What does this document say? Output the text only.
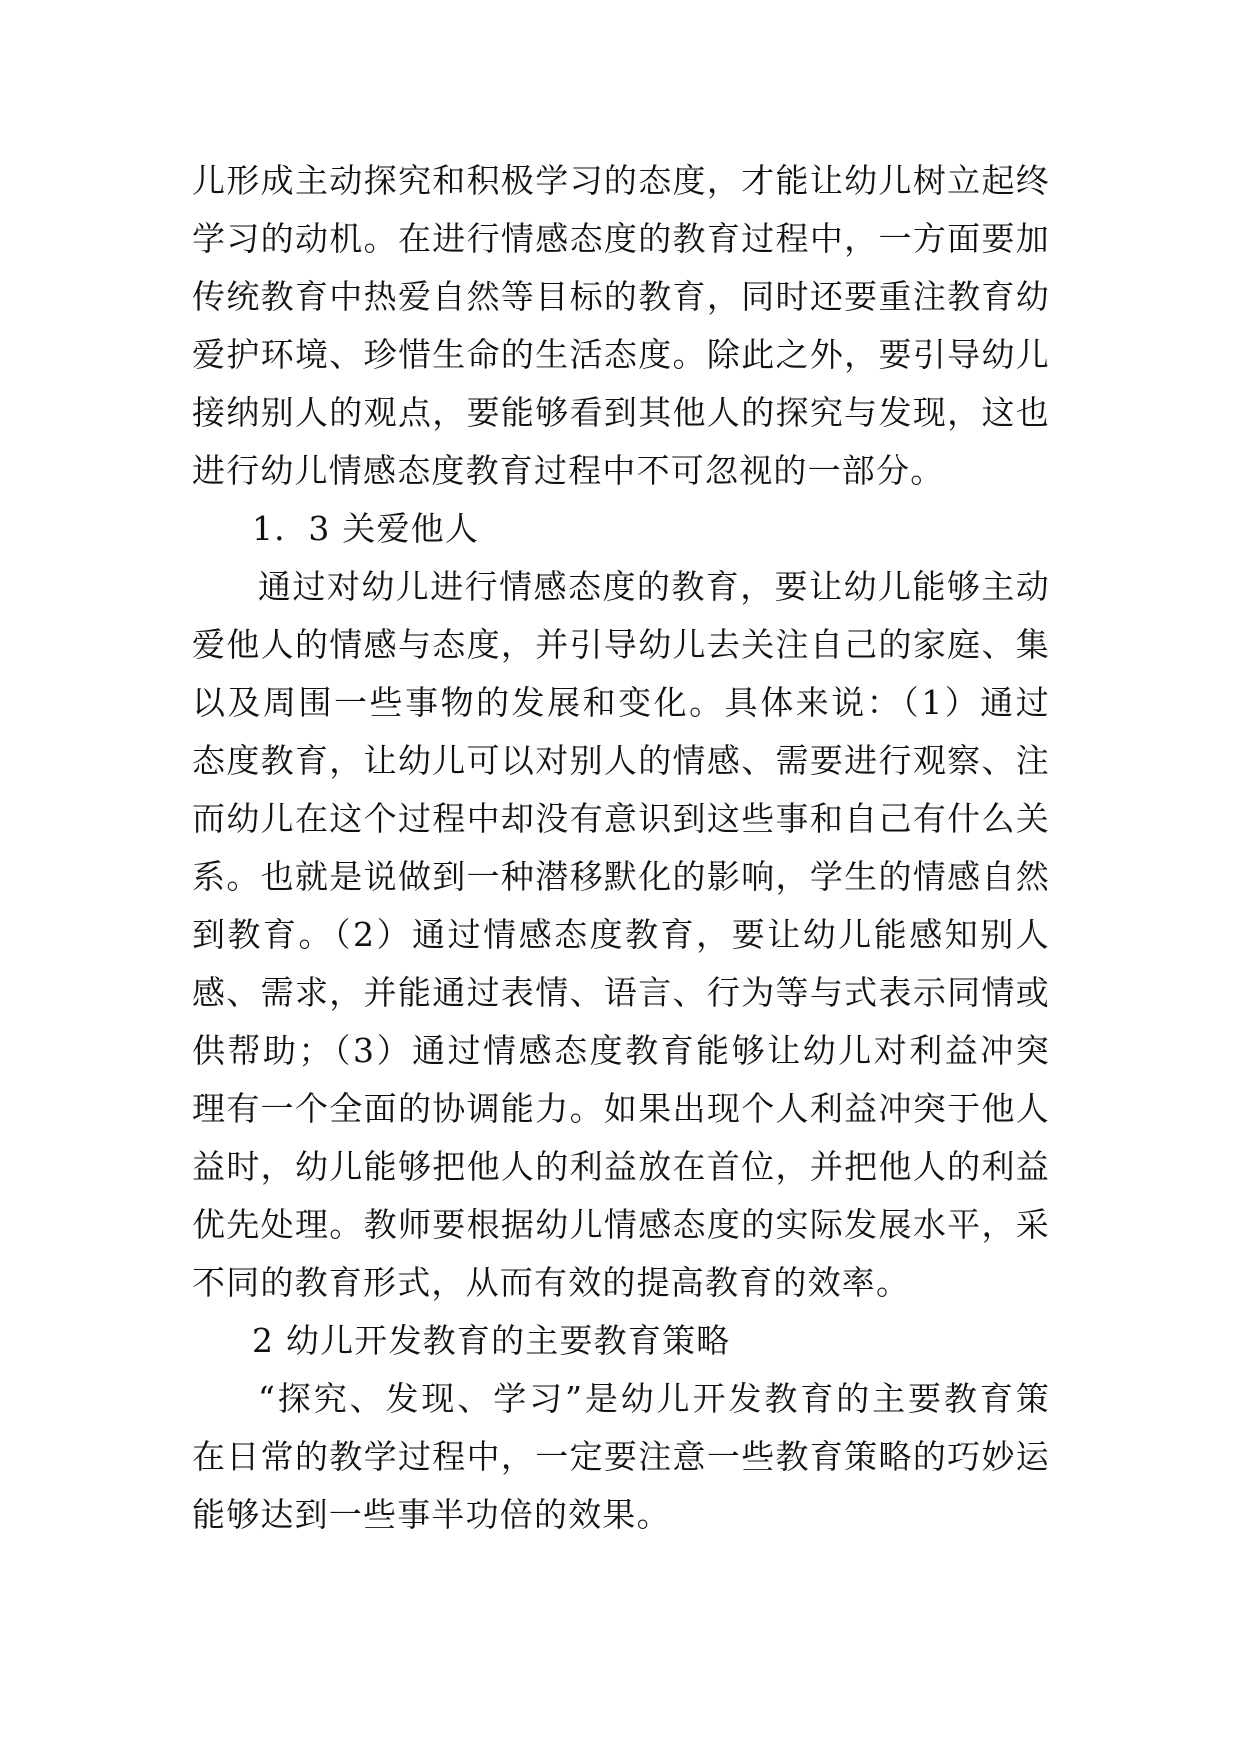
儿形成主动探究和积极学习的态度，才能让幼儿树立起终
学习的动机。在进行情感态度的教育过程中，一方面要加
传统教育中热爱自然等目标的教育，同时还要重注教育幼
爱护环境、珍惜生命的生活态度。除此之外，要引导幼儿
接纳别人的观点，要能够看到其他人的探究与发现，这也
进行幼儿情感态度教育过程中不可忽视的一部分。
1．3 关爱他人
通过对幼儿进行情感态度的教育，要让幼儿能够主动
爱他人的情感与态度，并引导幼儿去关注自己的家庭、集
以及周围一些事物的发展和变化。具体来说：（1）通过
态度教育，让幼儿可以对别人的情感、需要进行观察、注
而幼儿在这个过程中却没有意识到这些事和自己有什么关
系。也就是说做到一种潜移默化的影响，学生的情感自然
到教育。（2）通过情感态度教育，要让幼儿能感知别人
感、需求，并能通过表情、语言、行为等与式表示同情或
供帮助；（3）通过情感态度教育能够让幼儿对利益冲突
理有一个全面的协调能力。如果出现个人利益冲突于他人
益时，幼儿能够把他人的利益放在首位，并把他人的利益
优先处理。教师要根据幼儿情感态度的实际发展水平，采
不同的教育形式，从而有效的提高教育的效率。
2 幼儿开发教育的主要教育策略
“探究、发现、学习”是幼儿开发教育的主要教育策
在日常的教学过程中，一定要注意一些教育策略的巧妙运
能够达到一些事半功倍的效果。
